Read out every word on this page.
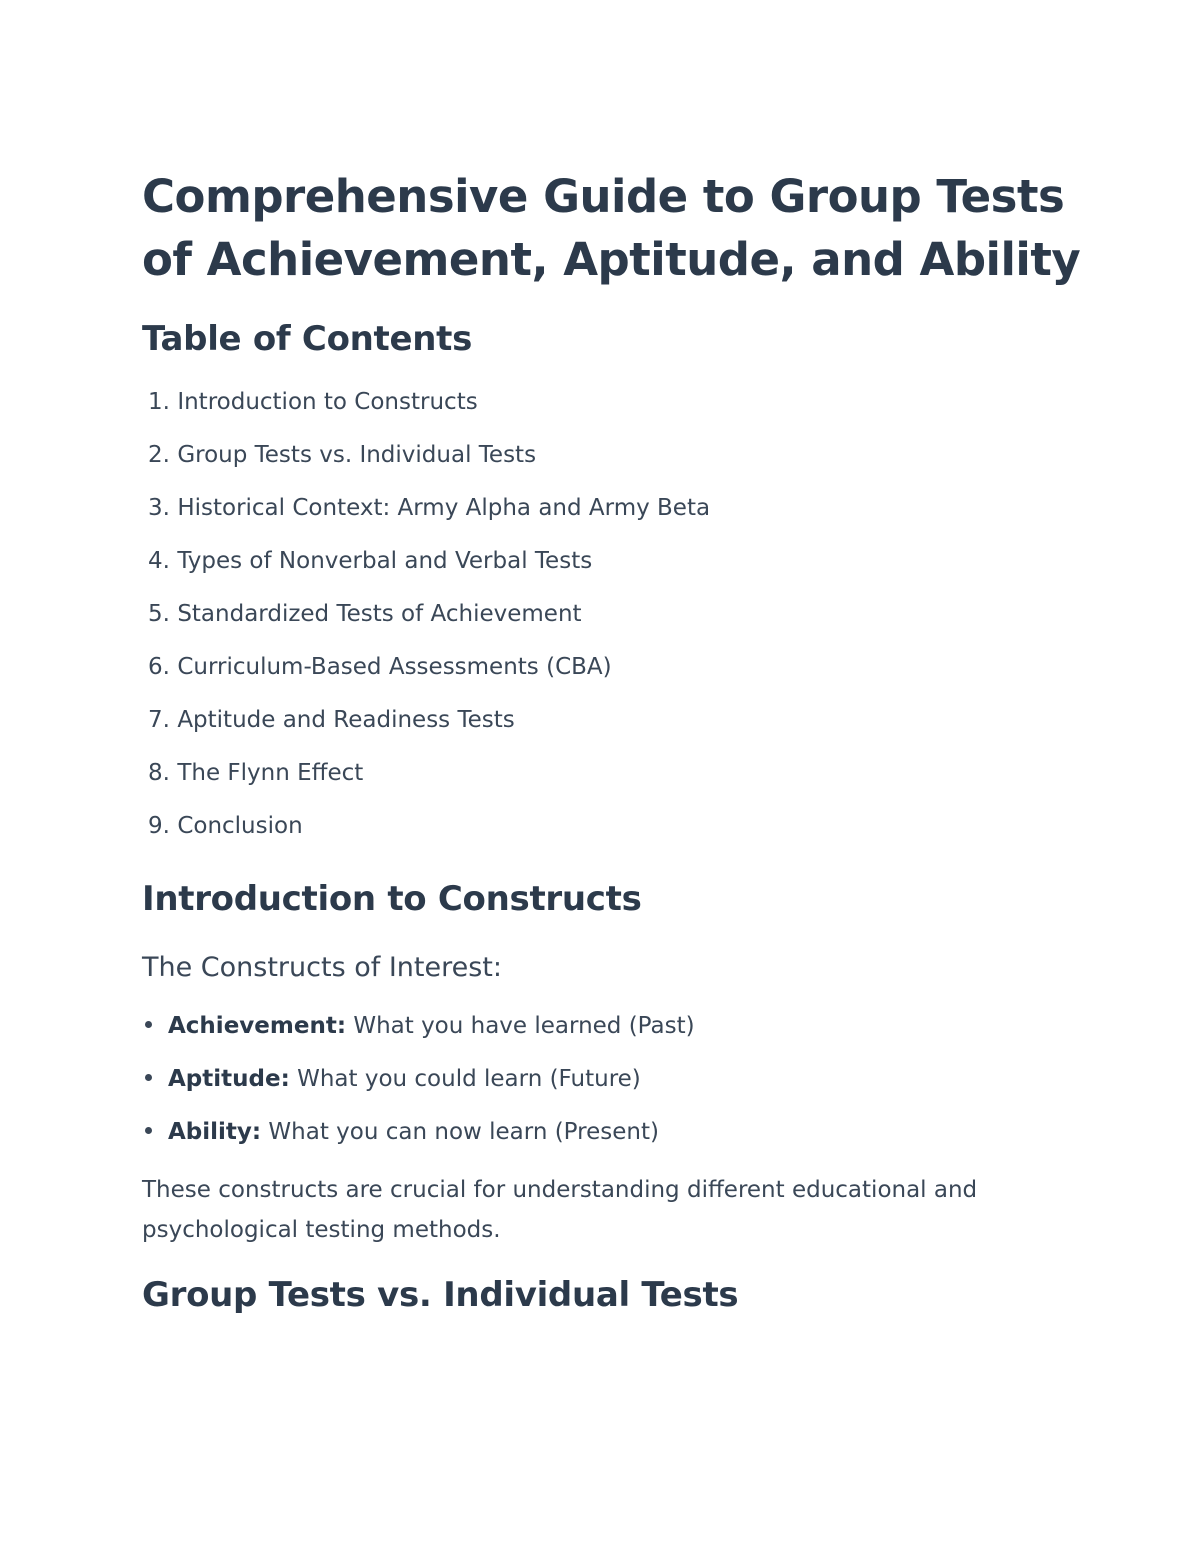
Comprehensive Guide to Group Tests of Achievement, Aptitude, and Ability
Table of Contents
1. Introduction to Constructs
2. Group Tests vs. Individual Tests
3. Historical Context: Army Alpha and Army Beta
4. Types of Nonverbal and Verbal Tests
5. Standardized Tests of Achievement
6. Curriculum-Based Assessments (CBA)
7. Aptitude and Readiness Tests
8. The Flynn Effect
9. Conclusion
Introduction to Constructs
The Constructs of Interest:
Achievement: What you have learned (Past)
Aptitude: What you could learn (Future)
Ability: What you can now learn (Present)

These constructs are crucial for understanding different educational and psychological testing methods.

Group Tests vs. Individual Tests
